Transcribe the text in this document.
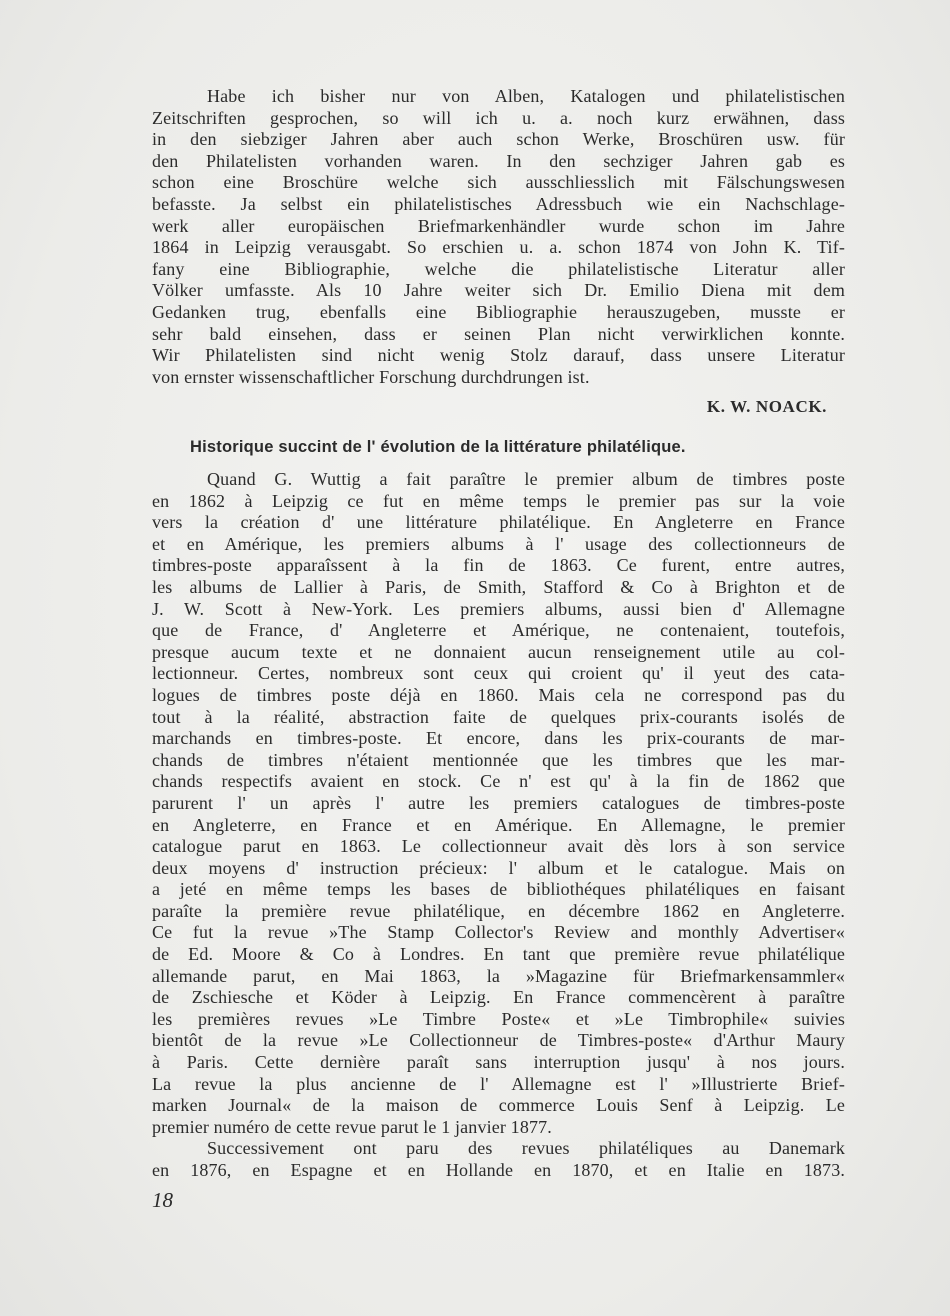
Habe ich bisher nur von Alben, Katalogen und philatelistischen
Zeitschriften gesprochen, so will ich u. a. noch kurz erwähnen, dass
in den siebziger Jahren aber auch schon Werke, Broschüren usw. für
den Philatelisten vorhanden waren. In den sechziger Jahren gab es
schon eine Broschüre welche sich ausschliesslich mit Fälschungswesen
befasste. Ja selbst ein philatelistisches Adressbuch wie ein Nachschlage-
werk aller europäischen Briefmarkenhändler wurde schon im Jahre
1864 in Leipzig verausgabt. So erschien u. a. schon 1874 von John K. Tif-
fany eine Bibliographie, welche die philatelistische Literatur aller
Völker umfasste. Als 10 Jahre weiter sich Dr. Emilio Diena mit dem
Gedanken trug, ebenfalls eine Bibliographie herauszugeben, musste er
sehr bald einsehen, dass er seinen Plan nicht verwirklichen konnte.
Wir Philatelisten sind nicht wenig Stolz darauf, dass unsere Literatur
von ernster wissenschaftlicher Forschung durchdrungen ist.
K. W. NOACK.
Historique succint de l' évolution de la littérature philatélique.
Quand G. Wuttig a fait paraître le premier album de timbres poste
en 1862 à Leipzig ce fut en même temps le premier pas sur la voie
vers la création d' une littérature philatélique. En Angleterre en France
et en Amérique, les premiers albums à l' usage des collectionneurs de
timbres-poste apparaîssent à la fin de 1863. Ce furent, entre autres,
les albums de Lallier à Paris, de Smith, Stafford & Co à Brighton et de
J. W. Scott à New-York. Les premiers albums, aussi bien d' Allemagne
que de France, d' Angleterre et Amérique, ne contenaient, toutefois,
presque aucum texte et ne donnaient aucun renseignement utile au col-
lectionneur. Certes, nombreux sont ceux qui croient qu' il yeut des cata-
logues de timbres poste déjà en 1860. Mais cela ne correspond pas du
tout à la réalité, abstraction faite de quelques prix-courants isolés de
marchands en timbres-poste. Et encore, dans les prix-courants de mar-
chands de timbres n'étaient mentionnée que les timbres que les mar-
chands respectifs avaient en stock. Ce n' est qu' à la fin de 1862 que
parurent l' un après l' autre les premiers catalogues de timbres-poste
en Angleterre, en France et en Amérique. En Allemagne, le premier
catalogue parut en 1863. Le collectionneur avait dès lors à son service
deux moyens d' instruction précieux: l' album et le catalogue. Mais on
a jeté en même temps les bases de bibliothéques philatéliques en faisant
paraîte la première revue philatélique, en décembre 1862 en Angleterre.
Ce fut la revue »The Stamp Collector's Review and monthly Advertiser«
de Ed. Moore & Co à Londres. En tant que première revue philatélique
allemande parut, en Mai 1863, la »Magazine für Briefmarkensammler«
de Zschiesche et Köder à Leipzig. En France commencèrent à paraître
les premières revues »Le Timbre Poste« et »Le Timbrophile« suivies
bientôt de la revue »Le Collectionneur de Timbres-poste« d'Arthur Maury
à Paris. Cette dernière paraît sans interruption jusqu' à nos jours.
La revue la plus ancienne de l' Allemagne est l' »Illustrierte Brief-
marken Journal« de la maison de commerce Louis Senf à Leipzig. Le
premier numéro de cette revue parut le 1 janvier 1877.
Successivement ont paru des revues philatéliques au Danemark
en 1876, en Espagne et en Hollande en 1870, et en Italie en 1873.
18
